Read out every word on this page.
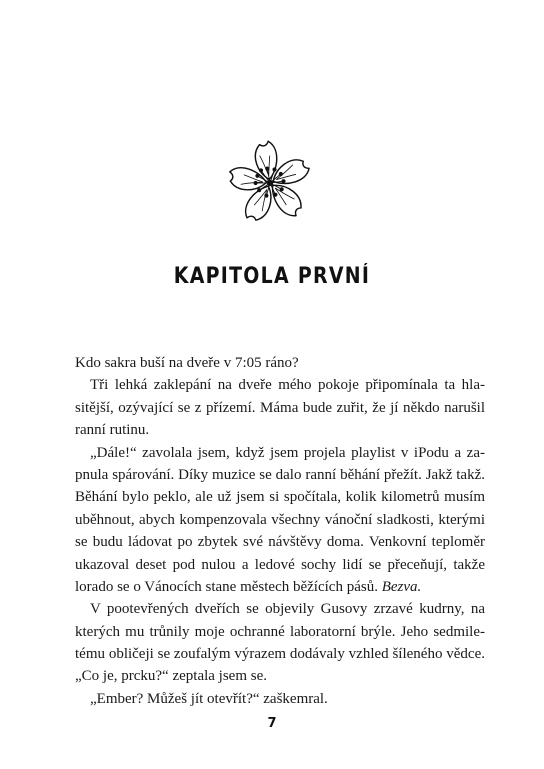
KAPITOLA PRVNÍ
Kdo sakra buší na dveře v 7:05 ráno?
Tři lehká zaklepání na dveře mého pokoje připomínala ta hla-
sitější, ozývající se z přízemí. Máma bude zuřit, že jí někdo narušil
ranní rutinu.
„Dále!“ zavolala jsem, když jsem projela playlist v iPodu a za-
pnula spárování. Díky muzice se dalo ranní běhání přežít. Jakž takž.
Běhání bylo peklo, ale už jsem si spočítala, kolik kilometrů musím
uběhnout, abych kompenzovala všechny vánoční sladkosti, kterými
se budu ládovat po zbytek své návštěvy doma. Venkovní teploměr
ukazoval deset pod nulou a ledové sochy lidí se přeceňují, takže
lorado se o Vánocích stane městech běžících pásů. Bezva.
V pootevřených dveřích se objevily Gusovy zrzavé kudrny, na
kterých mu trůnily moje ochranné laboratorní brýle. Jeho sedmile-
tému obličeji se zoufalým výrazem dodávaly vzhled šíleného vědce.
„Co je, prcku?“ zeptala jsem se.
„Ember? Můžeš jít otevřít?“ zaškemral.
7
